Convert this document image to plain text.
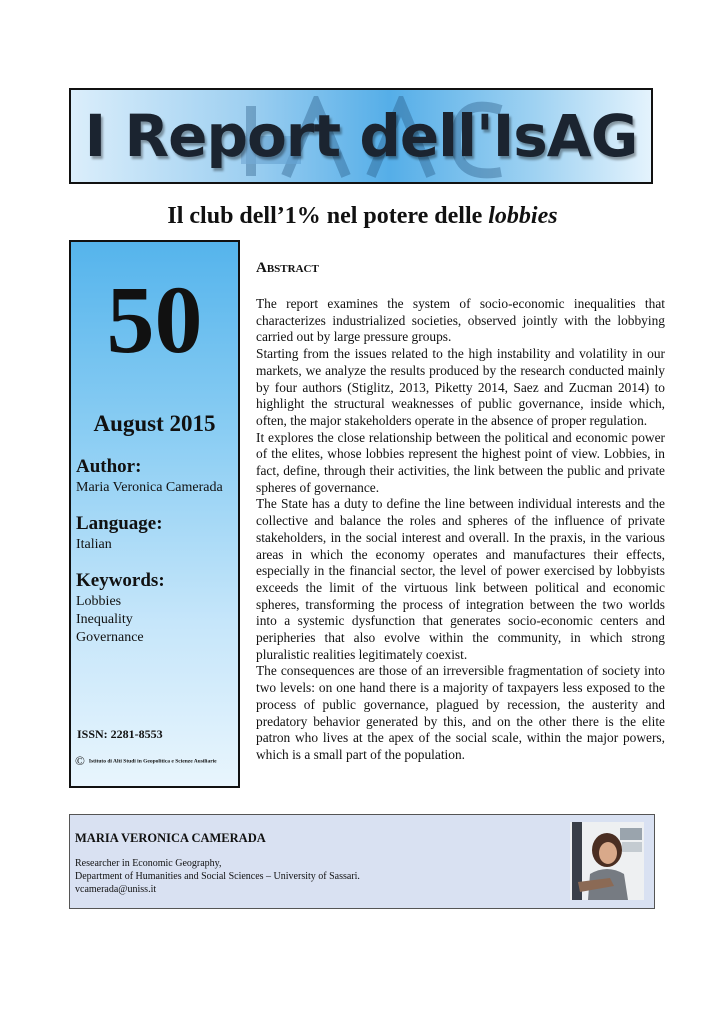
I Report dell'IsAG
Il club dell’1% nel potere delle lobbies
50
August 2015
Author:
Maria Veronica Camerada
Language:
Italian
Keywords:
Lobbies
Inequality
Governance
ISSN: 2281-8553
© Istituto di Alti Studi in Geopolitica e Scienze Ausiliarie
Abstract

The report examines the system of socio-economic inequalities that characterizes industrialized societies, observed jointly with the lobbying carried out by large pressure groups.

Starting from the issues related to the high instability and volatility in our markets, we analyze the results produced by the research conducted mainly by four authors (Stiglitz, 2013, Piketty 2014, Saez and Zucman 2014) to highlight the structural weaknesses of public governance, inside which, often, the major stakeholders operate in the absence of proper regulation.

It explores the close relationship between the political and economic power of the elites, whose lobbies represent the highest point of view. Lobbies, in fact, define, through their activities, the link between the public and private spheres of governance.

The State has a duty to define the line between individual interests and the collective and balance the roles and spheres of the influence of private stakeholders, in the social interest and overall. In the praxis, in the various areas in which the economy operates and manufactures their effects, especially in the financial sector, the level of power exercised by lobbyists exceeds the limit of the virtuous link between political and economic spheres, transforming the process of integration between the two worlds into a systemic dysfunction that generates socio-economic centers and peripheries that also evolve within the community, in which strong pluralistic realities legitimately coexist.

The consequences are those of an irreversible fragmentation of society into two levels: on one hand there is a majority of taxpayers less exposed to the process of public governance, plagued by recession, the austerity and predatory behavior generated by this, and on the other there is the elite patron who lives at the apex of the social scale, within the major powers, which is a small part of the population.

MARIA VERONICA CAMERADA
Researcher in Economic Geography,
Department of Humanities and Social Sciences – University of Sassari.
vcamerada@uniss.it
